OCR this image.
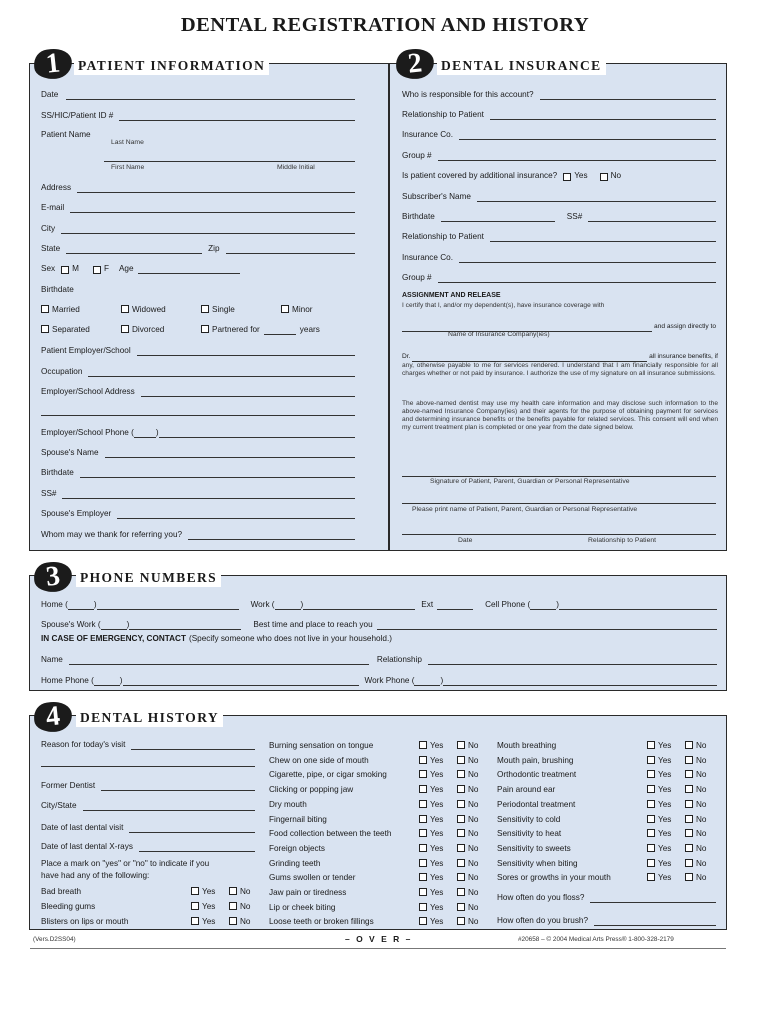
DENTAL REGISTRATION AND HISTORY
1	PATIENT INFORMATION
Date
SS/HIC/Patient ID #
Patient Name
Last Name
First Name	Middle Initial
Address
E-mail
City
State	Zip
Sex M	F Age
Birthdate
Married	Widowed	Single	Minor
Separated	Divorced	Partnered for	years
Patient Employer/School
Occupation
Employer/School Address
Employer/School Phone (	)
Spouse's Name
Birthdate
SS#
Spouse's Employer
Whom may we thank for referring you?
2	DENTAL INSURANCE
Who is responsible for this account?
Relationship to Patient
Insurance Co.
Group #
Is patient covered by additional insurance? Yes	No
Subscriber's Name
Birthdate	SS#
Relationship to Patient
Insurance Co.
Group #
ASSIGNMENT AND RELEASE
I certify that I, and/or my dependent(s), have insurance coverage with
and assign directly to
Name of Insurance Company(ies)
Dr.	all insurance benefits, if
any, otherwise payable to me for services rendered. I understand that I am financially responsible for all charges whether or not paid by insurance. I authorize the use of my signature on all insurance submissions.
The above-named dentist may use my health care information and may disclose such information to the above-named Insurance Company(ies) and their agents for the purpose of obtaining payment for services and determining insurance benefits or the benefits payable for related services. This consent will end when my current treatment plan is completed or one year from the date signed below.
Signature of Patient, Parent, Guardian or Personal Representative
Please print name of Patient, Parent, Guardian or Personal Representative
Date	Relationship to Patient
3	PHONE NUMBERS
Home (	)	Work (	)	Ext	Cell Phone (	)
Spouse's Work (	)	Best time and place to reach you
IN CASE OF EMERGENCY, CONTACT (Specify someone who does not live in your household.)
Name	Relationship
Home Phone (	)	Work Phone (	)
4	DENTAL HISTORY
Reason for today's visit
Former Dentist
City/State
Date of last dental visit
Date of last dental X-rays
Place a mark on "yes" or "no" to indicate if you
have had any of the following:
Bad breath	Yes	No
Bleeding gums	Yes	No
Blisters on lips or mouth	Yes	No
Burning sensation on tongue	Yes	No
Chew on one side of mouth	Yes	No
Cigarette, pipe, or cigar smoking	Yes	No
Clicking or popping jaw	Yes	No
Dry mouth	Yes	No
Fingernail biting	Yes	No
Food collection between the teeth	Yes	No
Foreign objects	Yes	No
Grinding teeth	Yes	No
Gums swollen or tender	Yes	No
Jaw pain or tiredness	Yes	No
Lip or cheek biting	Yes	No
Loose teeth or broken fillings	Yes	No
Mouth breathing	Yes	No
Mouth pain, brushing	Yes	No
Orthodontic treatment	Yes	No
Pain around ear	Yes	No
Periodontal treatment	Yes	No
Sensitivity to cold	Yes	No
Sensitivity to heat	Yes	No
Sensitivity to sweets	Yes	No
Sensitivity when biting	Yes	No
Sores or growths in your mouth	Yes	No
How often do you floss?
How often do you brush?
(Vers.D2SS04)	– O V E R –	#20658 – © 2004 Medical Arts Press® 1-800-328-2179
